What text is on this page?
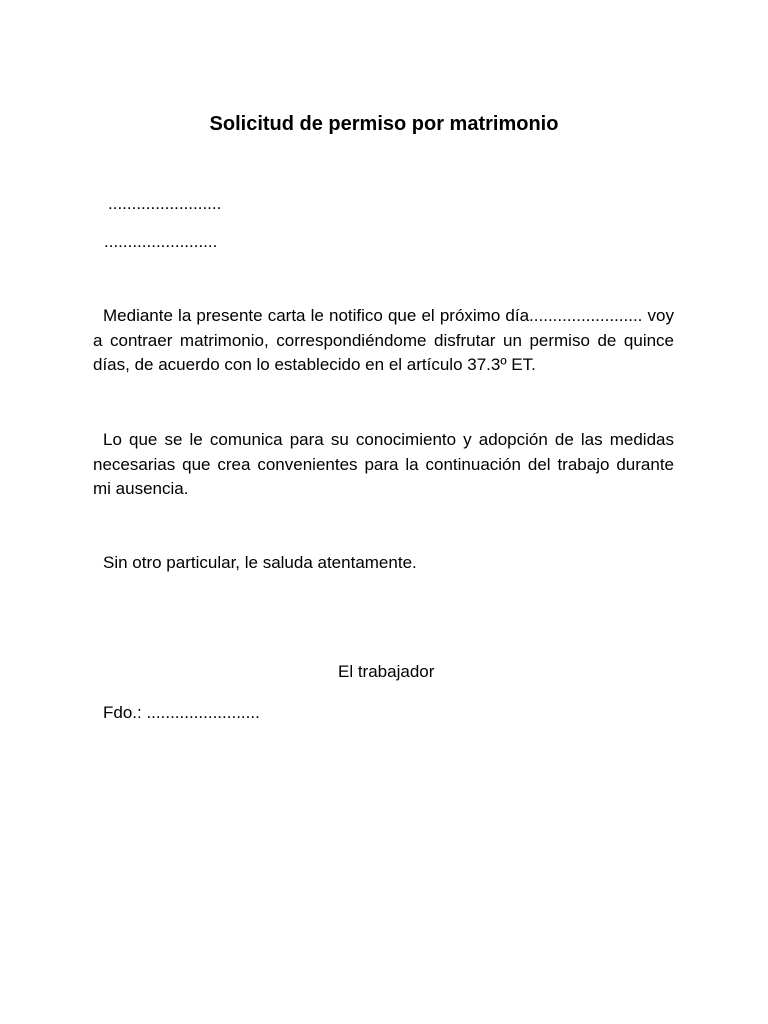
Solicitud de permiso por matrimonio
........................
........................
Mediante la presente carta le notifico que el próximo día........................ voy a contraer matrimonio, correspondiéndome disfrutar un permiso de quince días, de acuerdo con lo establecido en el artículo 37.3º ET.
Lo que se le comunica para su conocimiento y adopción de las medidas necesarias que crea convenientes para la continuación del trabajo durante mi ausencia.
Sin otro particular, le saluda atentamente.
El trabajador
Fdo.: ........................
